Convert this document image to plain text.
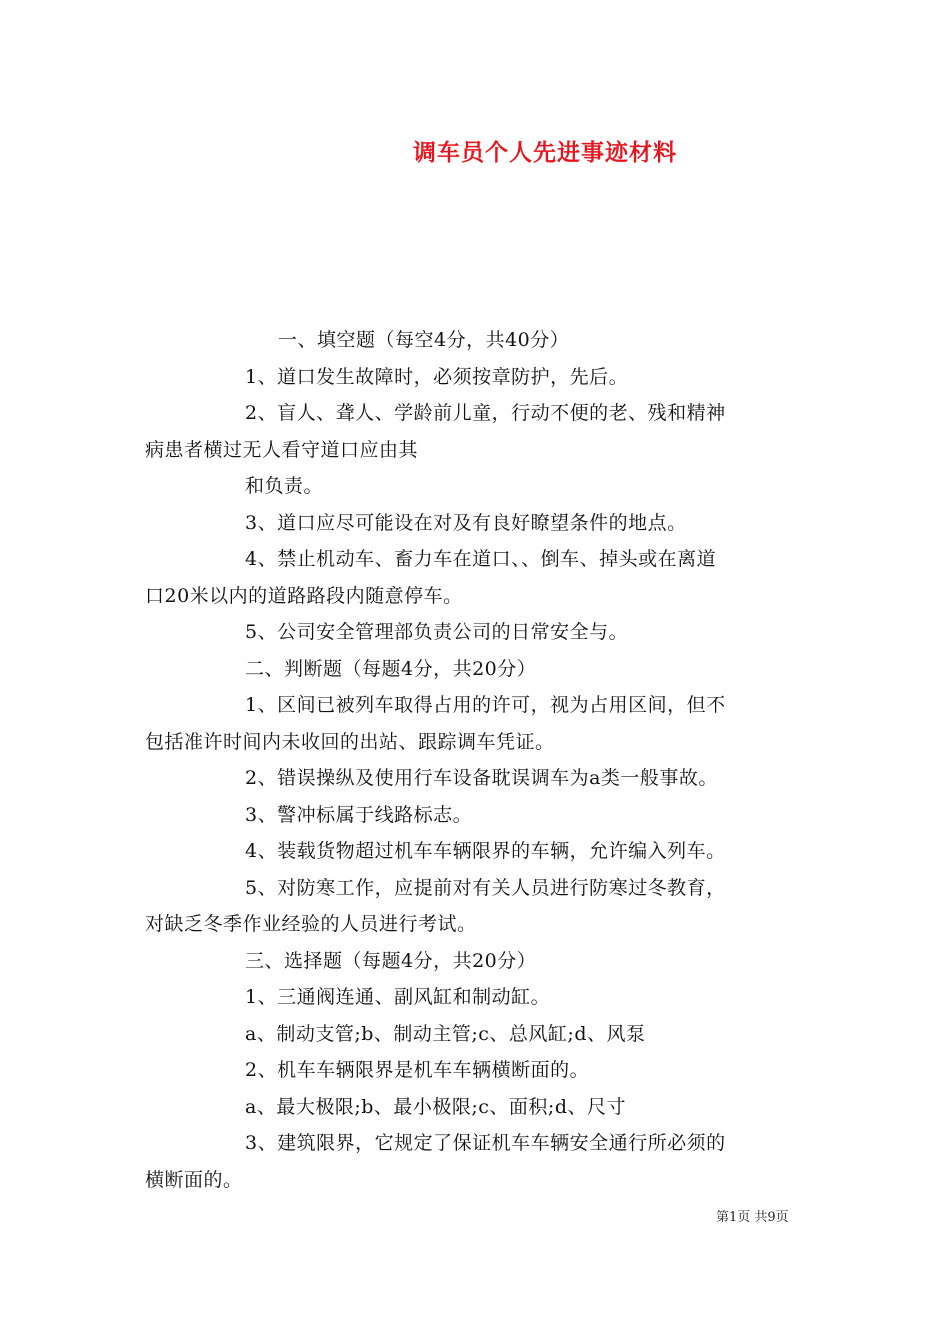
调车员个人先进事迹材料
一、填空题（每空4分，共40分）
1、道口发生故障时，必须按章防护，先后。
2、盲人、聋人、学龄前儿童，行动不便的老、残和精神
病患者横过无人看守道口应由其
和负责。
3、道口应尽可能设在对及有良好瞭望条件的地点。
4、禁止机动车、畜力车在道口、、倒车、掉头或在离道
口20米以内的道路路段内随意停车。
5、公司安全管理部负责公司的日常安全与。
二、判断题（每题4分，共20分）
1、区间已被列车取得占用的许可，视为占用区间，但不
包括准许时间内未收回的出站、跟踪调车凭证。
2、错误操纵及使用行车设备耽误调车为a类一般事故。
3、警冲标属于线路标志。
4、装载货物超过机车车辆限界的车辆，允许编入列车。
5、对防寒工作，应提前对有关人员进行防寒过冬教育，
对缺乏冬季作业经验的人员进行考试。
三、选择题（每题4分，共20分）
1、三通阀连通、副风缸和制动缸。
a、制动支管;b、制动主管;c、总风缸;d、风泵
2、机车车辆限界是机车车辆横断面的。
a、最大极限;b、最小极限;c、面积;d、尺寸
3、建筑限界，它规定了保证机车车辆安全通行所必须的
横断面的。
第1页 共9页
